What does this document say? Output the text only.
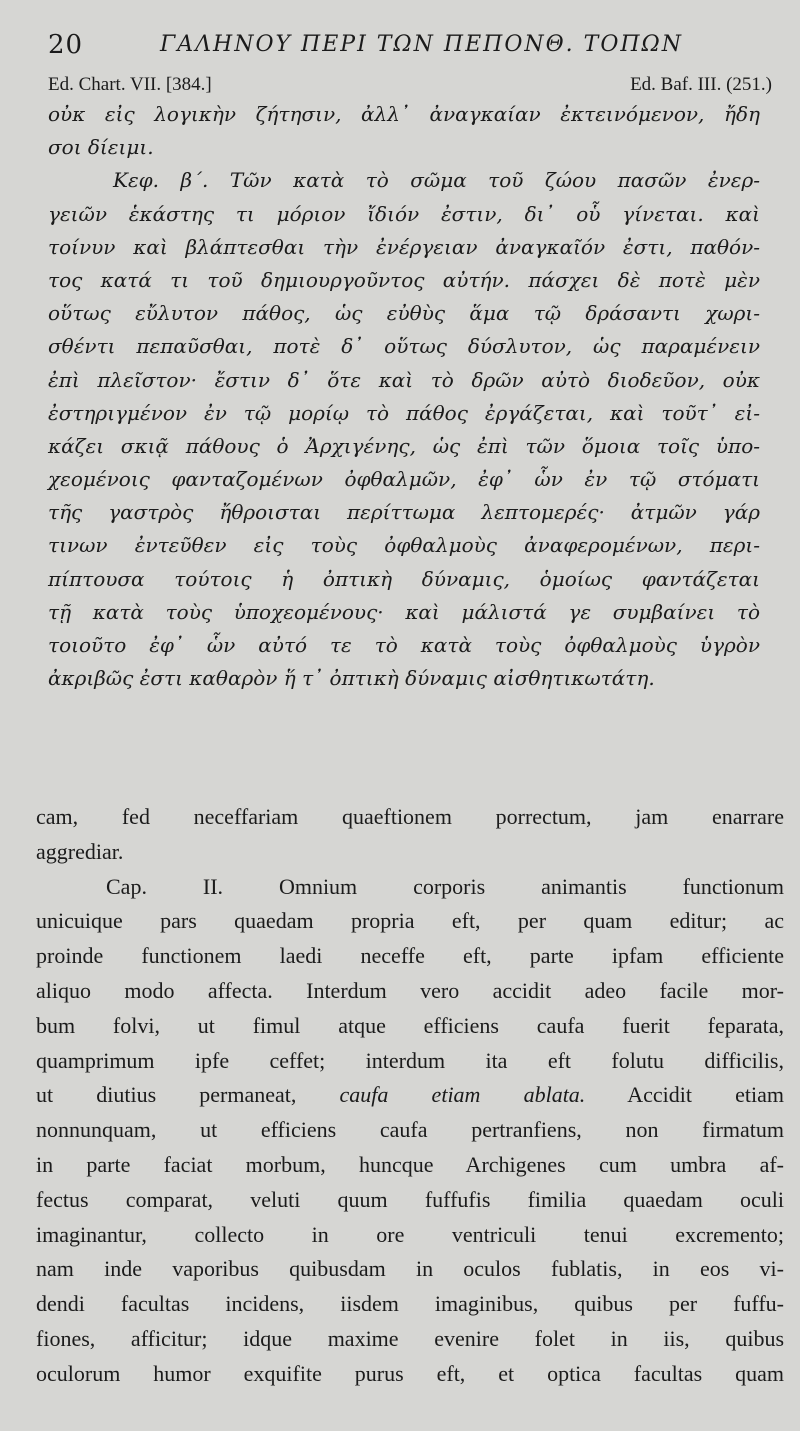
20	ΓΑΛΗΝΟΥ ΠΕΡΙ ΤΩΝ ΠΕΠΟΝΘ. ΤΟΠΩΝ
Ed. Chart. VII. [384.]	Ed. Baf. III. (251.)
οὐκ εἰς λογικὴν ζήτησιν, ἀλλ᾽ ἀναγκαίαν ἐκτεινόμενον, ἤδη
σοι δίειμι.
Κεφ. β΄. Τῶν κατὰ τὸ σῶμα τοῦ ζώου πασῶν ἐνερ-
γειῶν ἑκάστης τι μόριον ἴδιόν ἐστιν, δι᾽ οὗ γίνεται. καὶ
τοίνυν καὶ βλάπτεσθαι τὴν ἐνέργειαν ἀναγκαῖόν ἐστι, παθόν-
τος κατά τι τοῦ δημιουργοῦντος αὐτήν. πάσχει δὲ ποτὲ μὲν
οὕτως εὔλυτον πάθος, ὡς εὐθὺς ἅμα τῷ δράσαντι χωρι-
σθέντι πεπαῦσθαι, ποτὲ δ᾽ οὕτως δύσλυτον, ὡς παραμένειν
ἐπὶ πλεῖστον· ἔστιν δ᾽ ὅτε καὶ τὸ δρῶν αὐτὸ διοδεῦον, οὐκ
ἐστηριγμένον ἐν τῷ μορίῳ τὸ πάθος ἐργάζεται, καὶ τοῦτ᾽ εἰ-
κάζει σκιᾷ πάθους ὁ Ἀρχιγένης, ὡς ἐπὶ τῶν ὅμοια τοῖς ὑπο-
χεομένοις φανταζομένων ὀφθαλμῶν, ἐφ᾽ ὧν ἐν τῷ στόματι
τῆς γαστρὸς ἤθροισται περίττωμα λεπτομερές· ἀτμῶν γάρ
τινων ἐντεῦθεν εἰς τοὺς ὀφθαλμοὺς ἀναφερομένων, περι-
πίπτουσα τούτοις ἡ ὀπτικὴ δύναμις, ὁμοίως φαντάζεται
τῇ κατὰ τοὺς ὑποχεομένους· καὶ μάλιστά γε συμβαίνει τὸ
τοιοῦτο ἐφ᾽ ὧν αὐτό τε τὸ κατὰ τοὺς ὀφθαλμοὺς ὑγρὸν
ἀκριβῶς ἐστι καθαρὸν ἥ τ᾽ ὀπτικὴ δύναμις αἰσθητικωτάτη.
cam, fed neceffariam quaeftionem porrectum, jam enarrare
aggrediar.
Cap. II. Omnium corporis animantis functionum
unicuique pars quaedam propria eft, per quam editur; ac
proinde functionem laedi neceffe eft, parte ipfam efficiente
aliquo modo affecta. Interdum vero accidit adeo facile mor-
bum folvi, ut fimul atque efficiens caufa fuerit feparata,
quamprimum ipfe ceffet; interdum ita eft folutu difficilis,
ut diutius permaneat, caufa etiam ablata. Accidit etiam
nonnunquam, ut efficiens caufa pertranfiens, non firmatum
in parte faciat morbum, huncque Archigenes cum umbra af-
fectus comparat, veluti quum fuffufis fimilia quaedam oculi
imaginantur, collecto in ore ventriculi tenui excremento;
nam inde vaporibus quibusdam in oculos fublatis, in eos vi-
dendi facultas incidens, iisdem imaginibus, quibus per fuffu-
fiones, afficitur; idque maxime evenire folet in iis, quibus
oculorum humor exquifite purus eft, et optica facultas quam
